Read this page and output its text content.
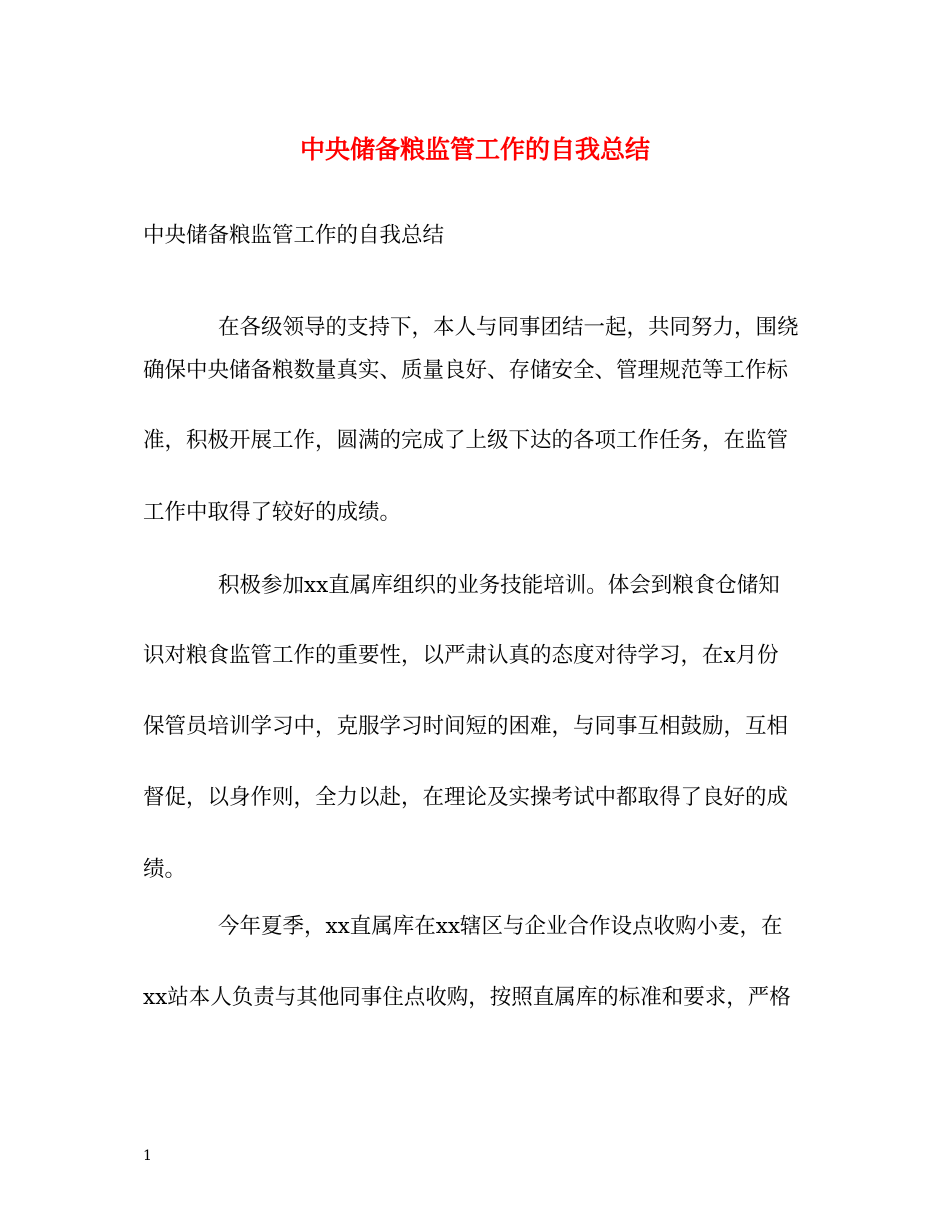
中央储备粮监管工作的自我总结

中央储备粮监管工作的自我总结

在各级领导的支持下，本人与同事团结一起，共同努力，围绕

确保中央储备粮数量真实、质量良好、存储安全、管理规范等工作标

准，积极开展工作，圆满的完成了上级下达的各项工作任务，在监管

工作中取得了较好的成绩。

积极参加xx直属库组织的业务技能培训。体会到粮食仓储知

识对粮食监管工作的重要性，以严肃认真的态度对待学习，在x月份

保管员培训学习中，克服学习时间短的困难，与同事互相鼓励，互相

督促，以身作则，全力以赴，在理论及实操考试中都取得了良好的成

绩。

今年夏季，xx直属库在xx辖区与企业合作设点收购小麦，在

xx站本人负责与其他同事住点收购，按照直属库的标准和要求，严格

1
